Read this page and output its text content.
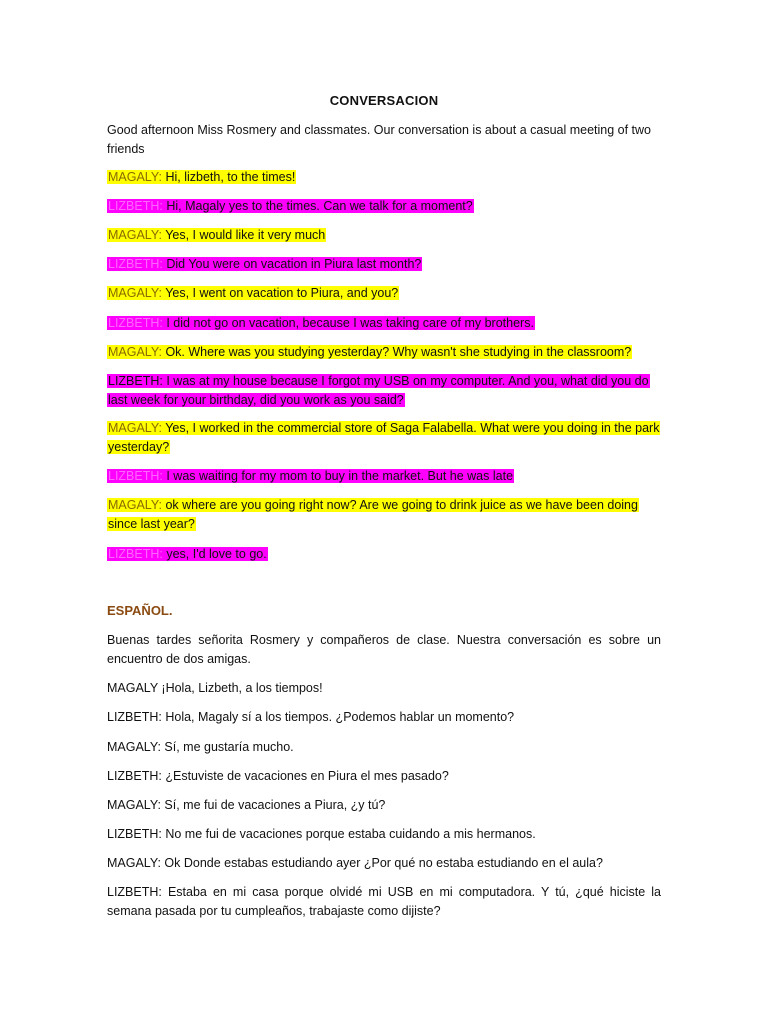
CONVERSACION
Good afternoon Miss Rosmery and classmates. Our conversation is about a casual meeting of two friends
MAGALY: Hi, lizbeth, to the times!
LIZBETH: Hi, Magaly yes to the times. Can we talk for a moment?
MAGALY: Yes, I would like it very much
LIZBETH: Did You were on vacation in Piura last month?
MAGALY: Yes, I went on vacation to Piura, and you?
LIZBETH: I did not go on vacation, because I was taking care of my brothers.
MAGALY: Ok. Where was you studying yesterday? Why wasn't she studying in the classroom?
LIZBETH: I was at my house because I forgot my USB on my computer. And you, what did you do last week for your birthday, did you work as you said?
MAGALY: Yes, I worked in the commercial store of Saga Falabella. What were you doing in the park yesterday?
LIZBETH: I was waiting for my mom to buy in the market. But he was late
MAGALY: ok where are you going right now? Are we going to drink juice as we have been doing since last year?
LIZBETH: yes, I'd love to go.
ESPAÑOL.
Buenas tardes señorita Rosmery y compañeros de clase. Nuestra conversación es sobre un encuentro de dos amigas.
MAGALY ¡Hola, Lizbeth, a los tiempos!
LIZBETH: Hola, Magaly sí a los tiempos. ¿Podemos hablar un momento?
MAGALY: Sí, me gustaría mucho.
LIZBETH: ¿Estuviste de vacaciones en Piura el mes pasado?
MAGALY: Sí, me fui de vacaciones a Piura, ¿y tú?
LIZBETH: No me fui de vacaciones porque estaba cuidando a mis hermanos.
MAGALY: Ok Donde estabas estudiando ayer ¿Por qué no estaba estudiando en el aula?
LIZBETH: Estaba en mi casa porque olvidé mi USB en mi computadora. Y tú, ¿qué hiciste la semana pasada por tu cumpleaños, trabajaste como dijiste?
